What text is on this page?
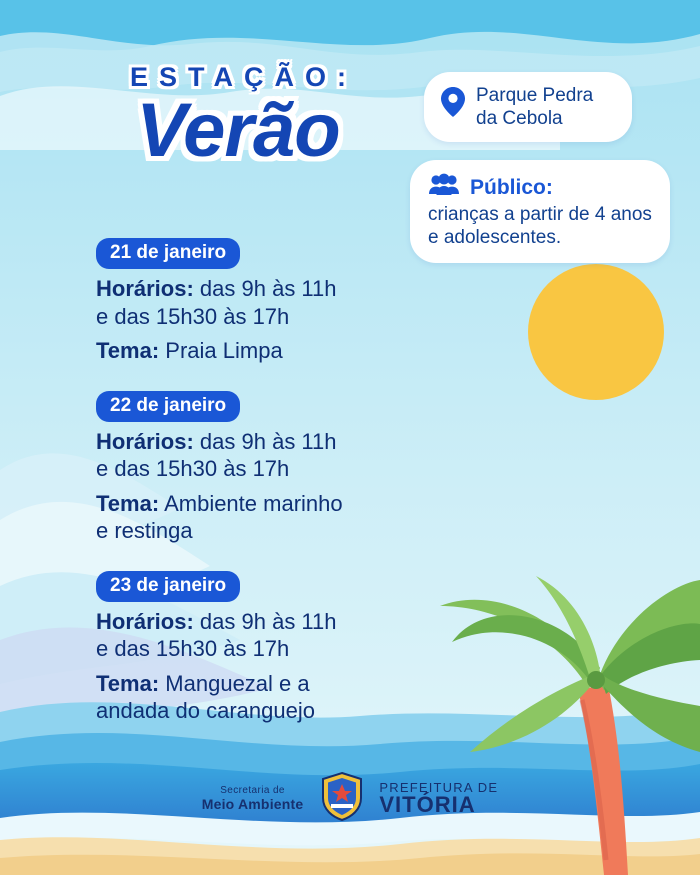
ESTAÇÃO:
Verão	Parque Pedra da Cebola
Público:
crianças a partir de 4 anos e adolescentes.
21 de janeiro
Horários: das 9h às 11h
e das 15h30 às 17h
Tema: Praia Limpa
22 de janeiro
Horários: das 9h às 11h
e das 15h30 às 17h
Tema: Ambiente marinho
e restinga
23 de janeiro
Horários: das 9h às 11h
e das 15h30 às 17h
Tema: Manguezal e a
andada do caranguejo
Secretaria de
Meio Ambiente
PREFEITURA DE
VITÓRIA
